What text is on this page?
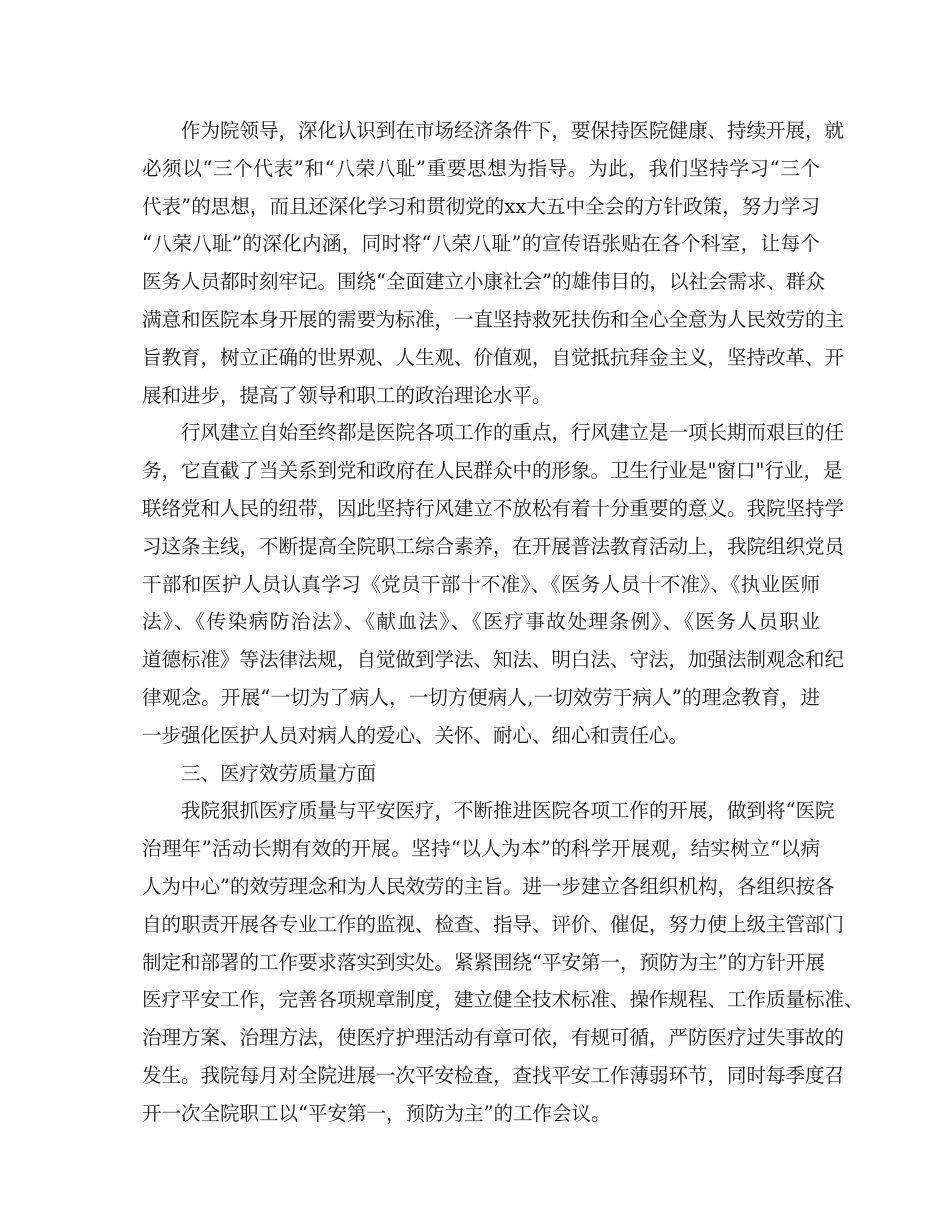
作为院领导，深化认识到在市场经济条件下，要保持医院健康、持续开展，就
必须以“三个代表”和“八荣八耻”重要思想为指导。为此，我们坚持学习“三个
代表”的思想，而且还深化学习和贯彻党的xx大五中全会的方针政策，努力学习
“八荣八耻”的深化内涵，同时将“八荣八耻”的宣传语张贴在各个科室，让每个
医务人员都时刻牢记。围绕“全面建立小康社会”的雄伟目的，以社会需求、群众
满意和医院本身开展的需要为标准，一直坚持救死扶伤和全心全意为人民效劳的主
旨教育，树立正确的世界观、人生观、价值观，自觉抵抗拜金主义，坚持改革、开
展和进步，提高了领导和职工的政治理论水平。
行风建立自始至终都是医院各项工作的重点，行风建立是一项长期而艰巨的任
务，它直截了当关系到党和政府在人民群众中的形象。卫生行业是"窗口"行业，是
联络党和人民的纽带，因此坚持行风建立不放松有着十分重要的意义。我院坚持学
习这条主线，不断提高全院职工综合素养，在开展普法教育活动上，我院组织党员
干部和医护人员认真学习《党员干部十不准》、《医务人员十不准》、《执业医师
法》、《传染病防治法》、《献血法》、《医疗事故处理条例》、《医务人员职业
道德标准》等法律法规，自觉做到学法、知法、明白法、守法，加强法制观念和纪
律观念。开展“一切为了病人，一切方便病人,一切效劳于病人”的理念教育，进
一步强化医护人员对病人的爱心、关怀、耐心、细心和责任心。
三、医疗效劳质量方面
我院狠抓医疗质量与平安医疗，不断推进医院各项工作的开展，做到将“医院
治理年”活动长期有效的开展。坚持“以人为本”的科学开展观，结实树立“以病
人为中心”的效劳理念和为人民效劳的主旨。进一步建立各组织机构，各组织按各
自的职责开展各专业工作的监视、检查、指导、评价、催促，努力使上级主管部门
制定和部署的工作要求落实到实处。紧紧围绕“平安第一，预防为主”的方针开展
医疗平安工作，完善各项规章制度，建立健全技术标准、操作规程、工作质量标准、
治理方案、治理方法，使医疗护理活动有章可依，有规可循，严防医疗过失事故的
发生。我院每月对全院进展一次平安检查，查找平安工作薄弱环节，同时每季度召
开一次全院职工以“平安第一，预防为主”的工作会议。
